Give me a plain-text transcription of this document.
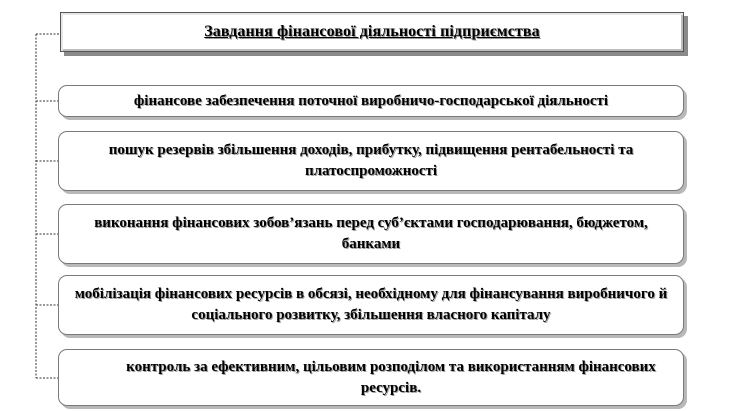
Завдання фінансової діяльності підприємства
фінансове забезпечення поточної виробничо-господарської діяльності
пошук резервів збільшення доходів, прибутку, підвищення рентабельності та платоспроможності
виконання фінансових зобов’язань перед суб’єктами господарювання, бюджетом, банками
мобілізація фінансових ресурсів в обсязі, необхідному для фінансування виробничого й соціального розвитку, збільшення власного капіталу
контроль за ефективним, цільовим розподілом та використанням фінансових ресурсів.
